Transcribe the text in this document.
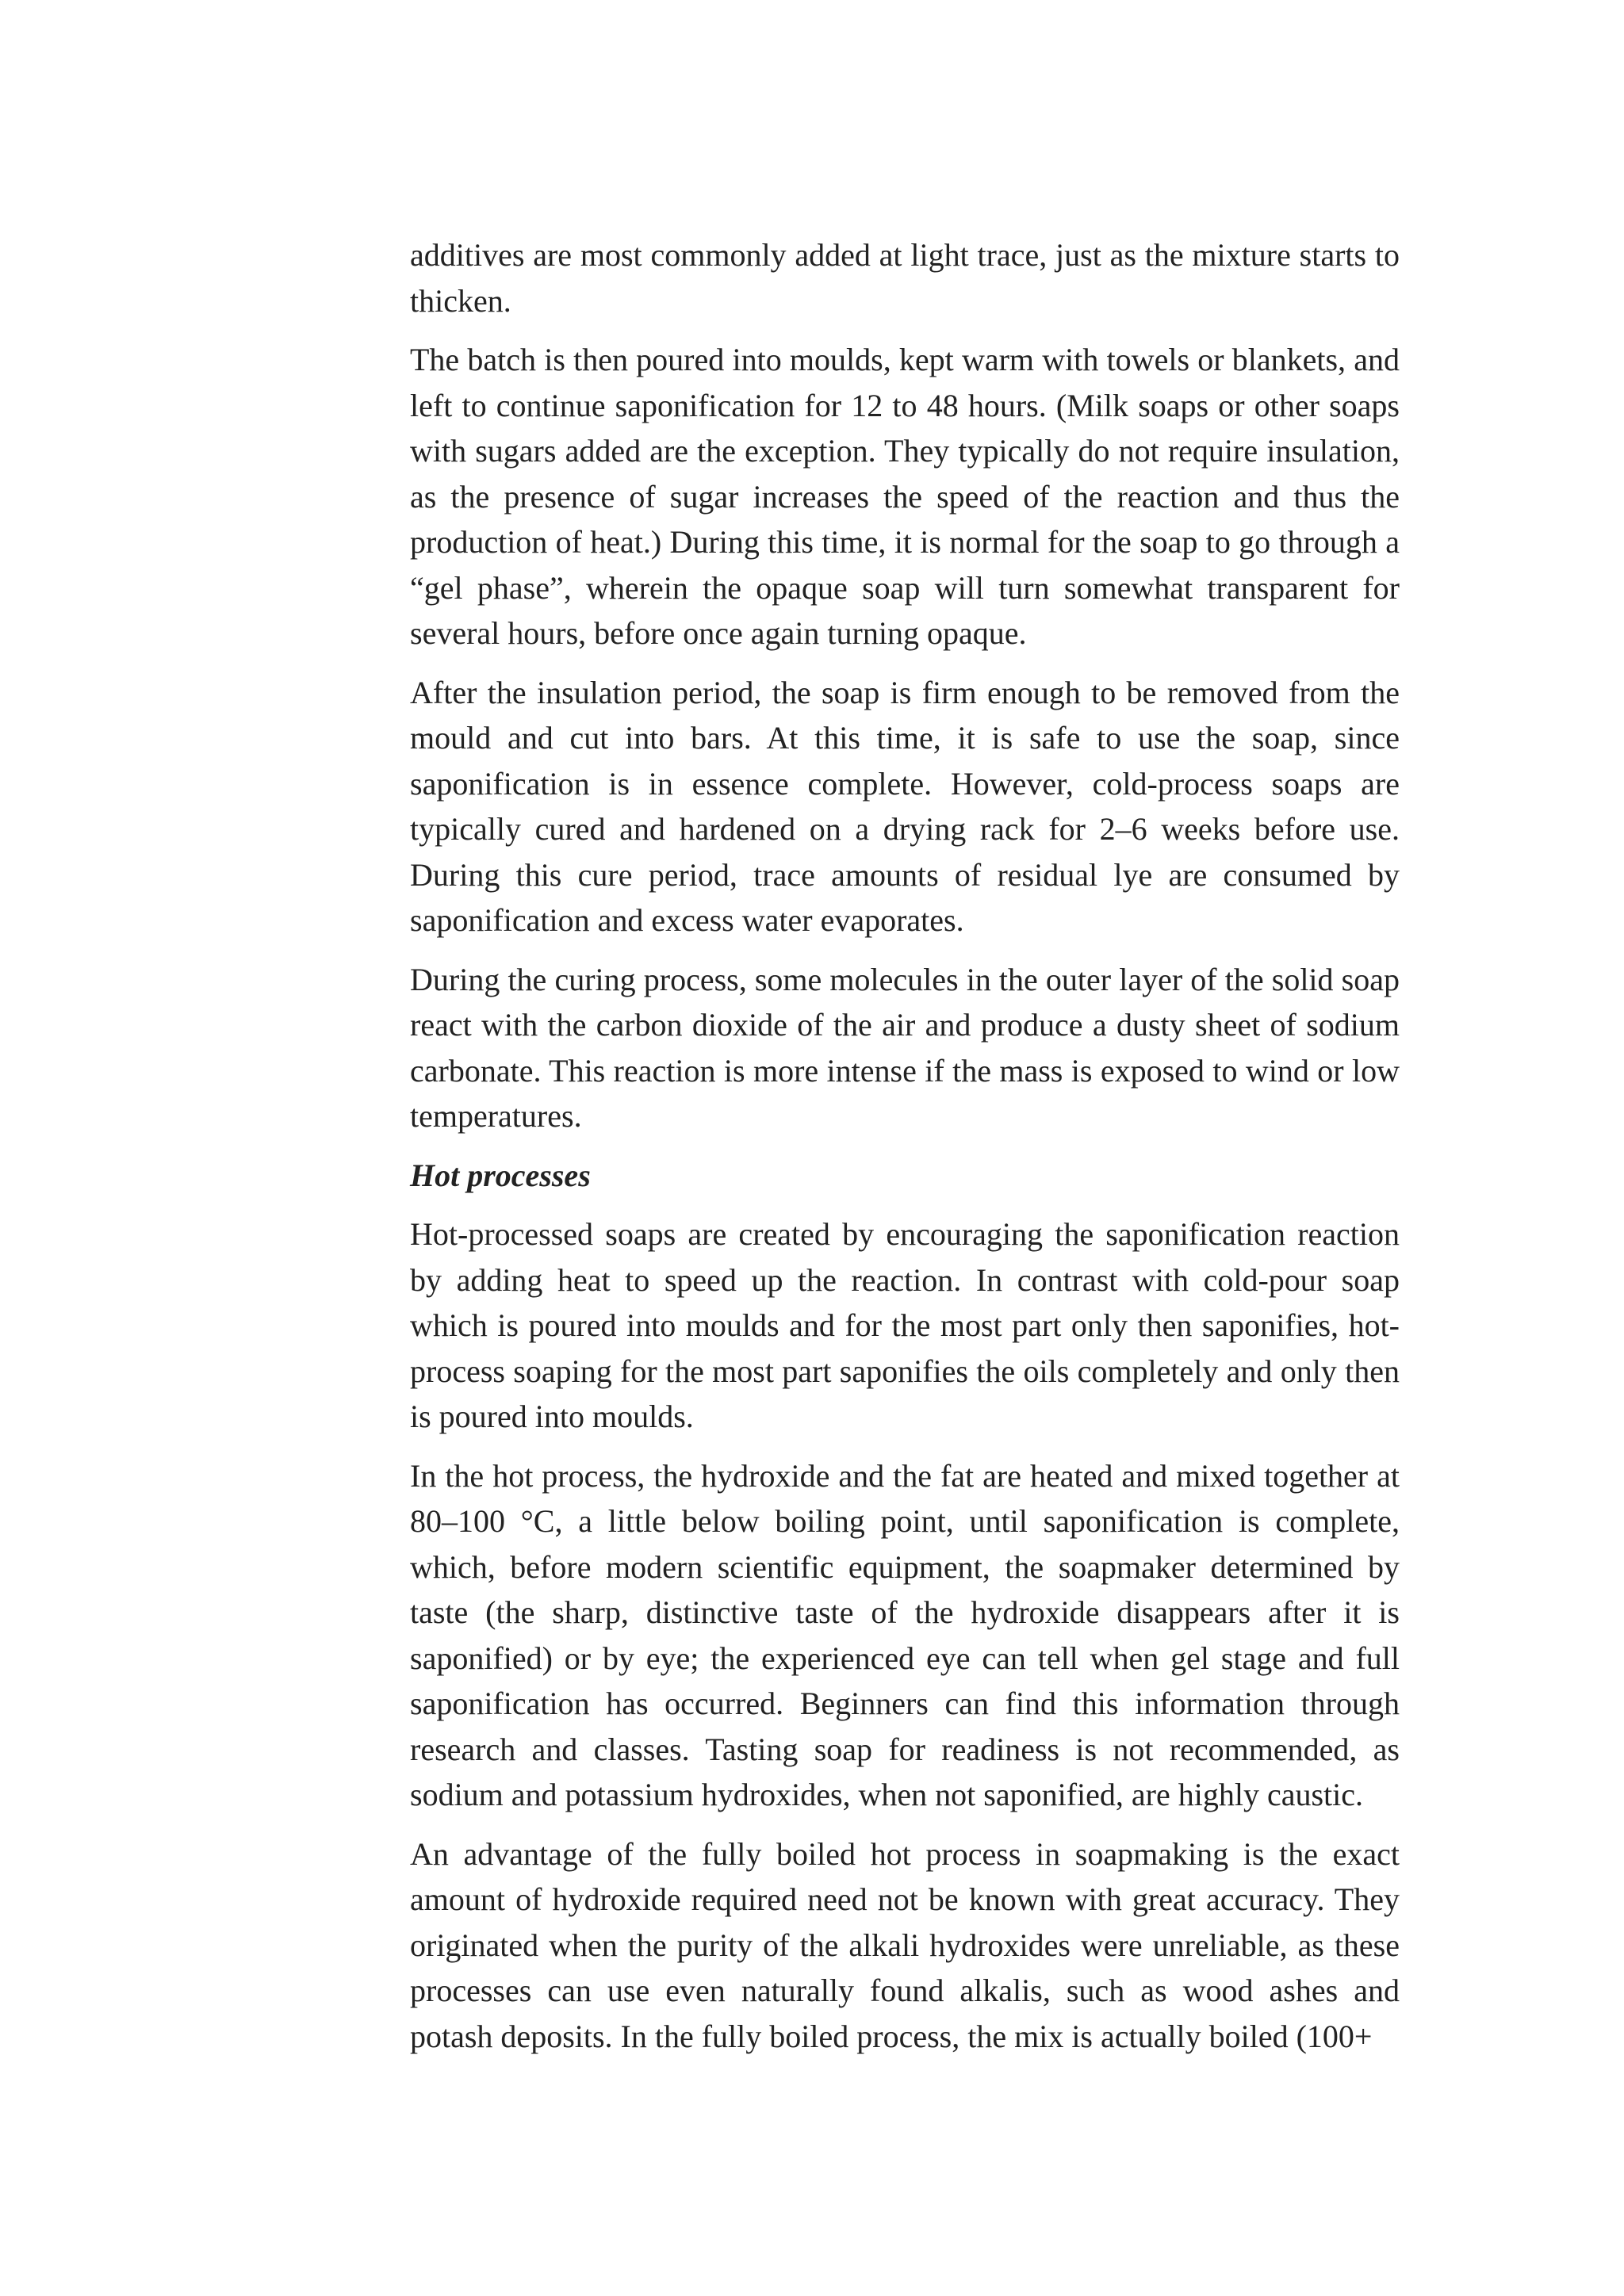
additives are most commonly added at light trace, just as the mixture starts to thicken.

The batch is then poured into moulds, kept warm with towels or blankets, and left to continue saponification for 12 to 48 hours. (Milk soaps or other soaps with sugars added are the exception. They typically do not require insulation, as the presence of sugar increases the speed of the reaction and thus the production of heat.) During this time, it is normal for the soap to go through a “gel phase”, wherein the opaque soap will turn somewhat transparent for several hours, before once again turning opaque.

After the insulation period, the soap is firm enough to be removed from the mould and cut into bars. At this time, it is safe to use the soap, since saponification is in essence complete. However, cold-process soaps are typically cured and hardened on a drying rack for 2–6 weeks before use. During this cure period, trace amounts of residual lye are consumed by saponification and excess water evaporates.

During the curing process, some molecules in the outer layer of the solid soap react with the carbon dioxide of the air and produce a dusty sheet of sodium carbonate. This reaction is more intense if the mass is exposed to wind or low temperatures.

Hot processes

Hot-processed soaps are created by encouraging the saponification reaction by adding heat to speed up the reaction. In contrast with cold-pour soap which is poured into moulds and for the most part only then saponifies, hot-process soaping for the most part saponifies the oils completely and only then is poured into moulds.

In the hot process, the hydroxide and the fat are heated and mixed together at 80–100 °C, a little below boiling point, until saponification is complete, which, before modern scientific equipment, the soapmaker determined by taste (the sharp, distinctive taste of the hydroxide disappears after it is saponified) or by eye; the experienced eye can tell when gel stage and full saponification has occurred. Beginners can find this information through research and classes. Tasting soap for readiness is not recommended, as sodium and potassium hydroxides, when not saponified, are highly caustic.

An advantage of the fully boiled hot process in soapmaking is the exact amount of hydroxide required need not be known with great accuracy. They originated when the purity of the alkali hydroxides were unreliable, as these processes can use even naturally found alkalis, such as wood ashes and potash deposits. In the fully boiled process, the mix is actually boiled (100+
